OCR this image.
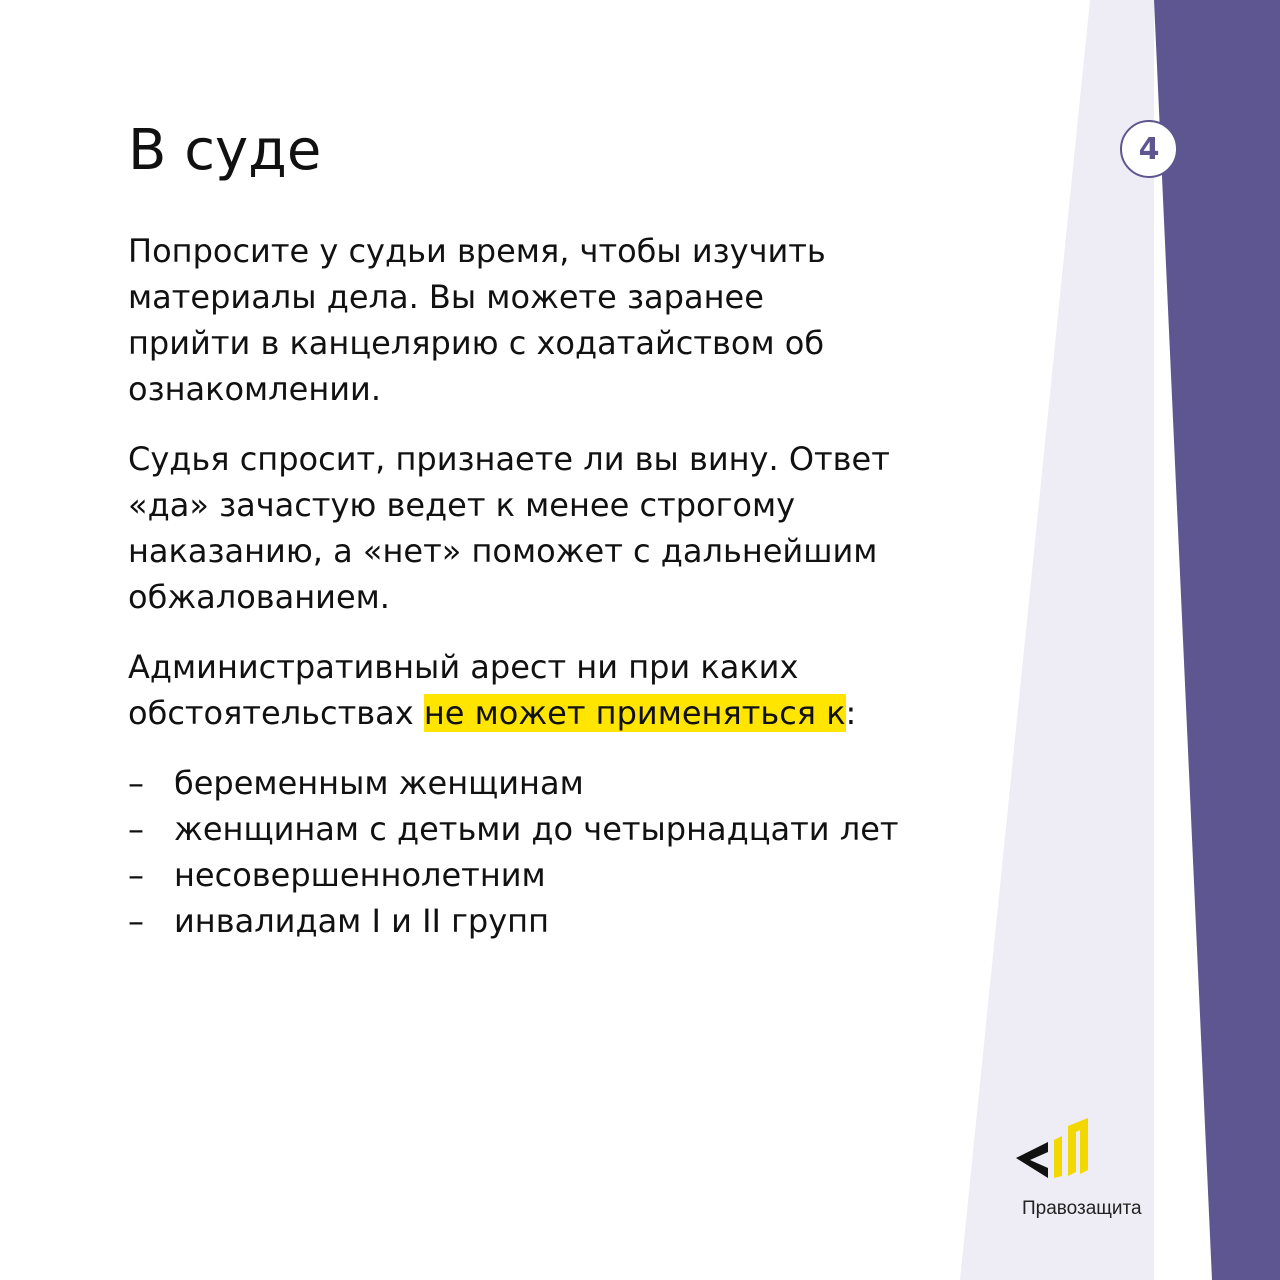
4
В суде

Попросите у судьи время, чтобы изучить
материалы дела. Вы можете заранее
прийти в канцелярию с ходатайством об
ознакомлении.

Судья спросит, признаете ли вы вину. Ответ
«да» зачастую ведет к менее строгому
наказанию, а «нет» поможет с дальнейшим
обжалованием.

Административный арест ни при каких
обстоятельствах не может применяться к:

– беременным женщинам
– женщинам с детьми до четырнадцати лет
– несовершеннолетним
– инвалидам I и II групп
Правозащита
